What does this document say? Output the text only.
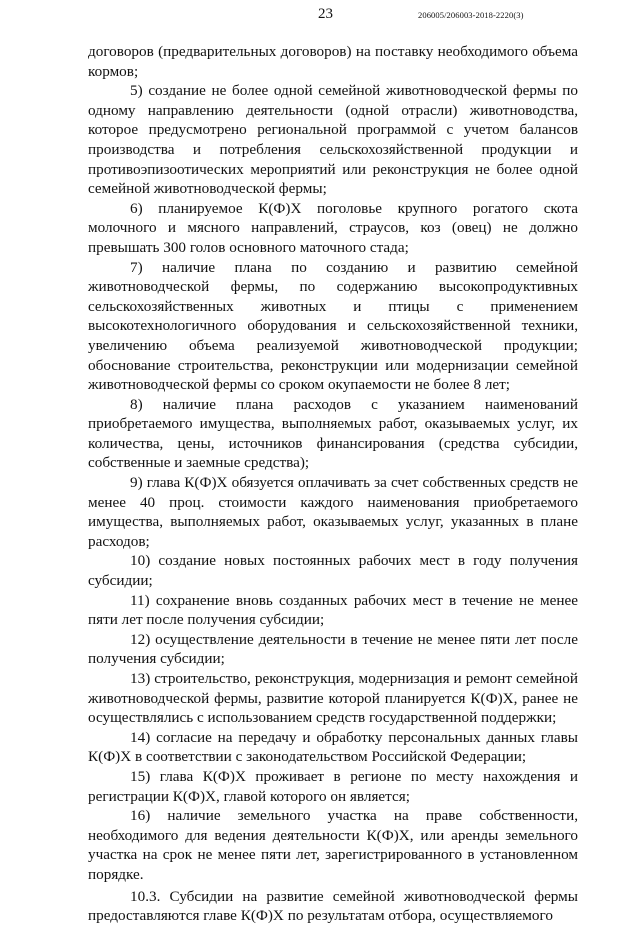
23	206005/206003-2018-2220(3)

договоров (предварительных договоров) на поставку необходимого объема кормов;

5) создание не более одной семейной животноводческой фермы по одному направлению деятельности (одной отрасли) животноводства, которое предусмотрено региональной программой с учетом балансов производства и потребления сельскохозяйственной продукции и противоэпизоотических мероприятий или реконструкция не более одной семейной животноводческой фермы;

6) планируемое К(Ф)Х поголовье крупного рогатого скота молочного и мясного направлений, страусов, коз (овец) не должно превышать 300 голов основного маточного стада;

7) наличие плана по созданию и развитию семейной животноводческой фермы, по содержанию высокопродуктивных сельскохозяйственных животных и птицы с применением высокотехнологичного оборудования и сельскохозяйственной техники, увеличению объема реализуемой животноводческой продукции; обоснование строительства, реконструкции или модернизации семейной животноводческой фермы со сроком окупаемости не более 8 лет;

8) наличие плана расходов с указанием наименований приобретаемого имущества, выполняемых работ, оказываемых услуг, их количества, цены, источников финансирования (средства субсидии, собственные и заемные средства);

9) глава К(Ф)Х обязуется оплачивать за счет собственных средств не менее 40 проц. стоимости каждого наименования приобретаемого имущества, выполняемых работ, оказываемых услуг, указанных в плане расходов;

10) создание новых постоянных рабочих мест в году получения субсидии;

11) сохранение вновь созданных рабочих мест в течение не менее пяти лет после получения субсидии;

12) осуществление деятельности в течение не менее пяти лет после получения субсидии;

13) строительство, реконструкция, модернизация и ремонт семейной животноводческой фермы, развитие которой планируется К(Ф)Х, ранее не осуществлялись с использованием средств государственной поддержки;

14) согласие на передачу и обработку персональных данных главы К(Ф)Х в соответствии с законодательством Российской Федерации;

15) глава К(Ф)Х проживает в регионе по месту нахождения и регистрации К(Ф)Х, главой которого он является;

16) наличие земельного участка на праве собственности, необходимого для ведения деятельности К(Ф)Х, или аренды земельного участка на срок не менее пяти лет, зарегистрированного в установленном порядке.

10.3. Субсидии на развитие семейной животноводческой фермы предоставляются главе К(Ф)Х по результатам отбора, осуществляемого
